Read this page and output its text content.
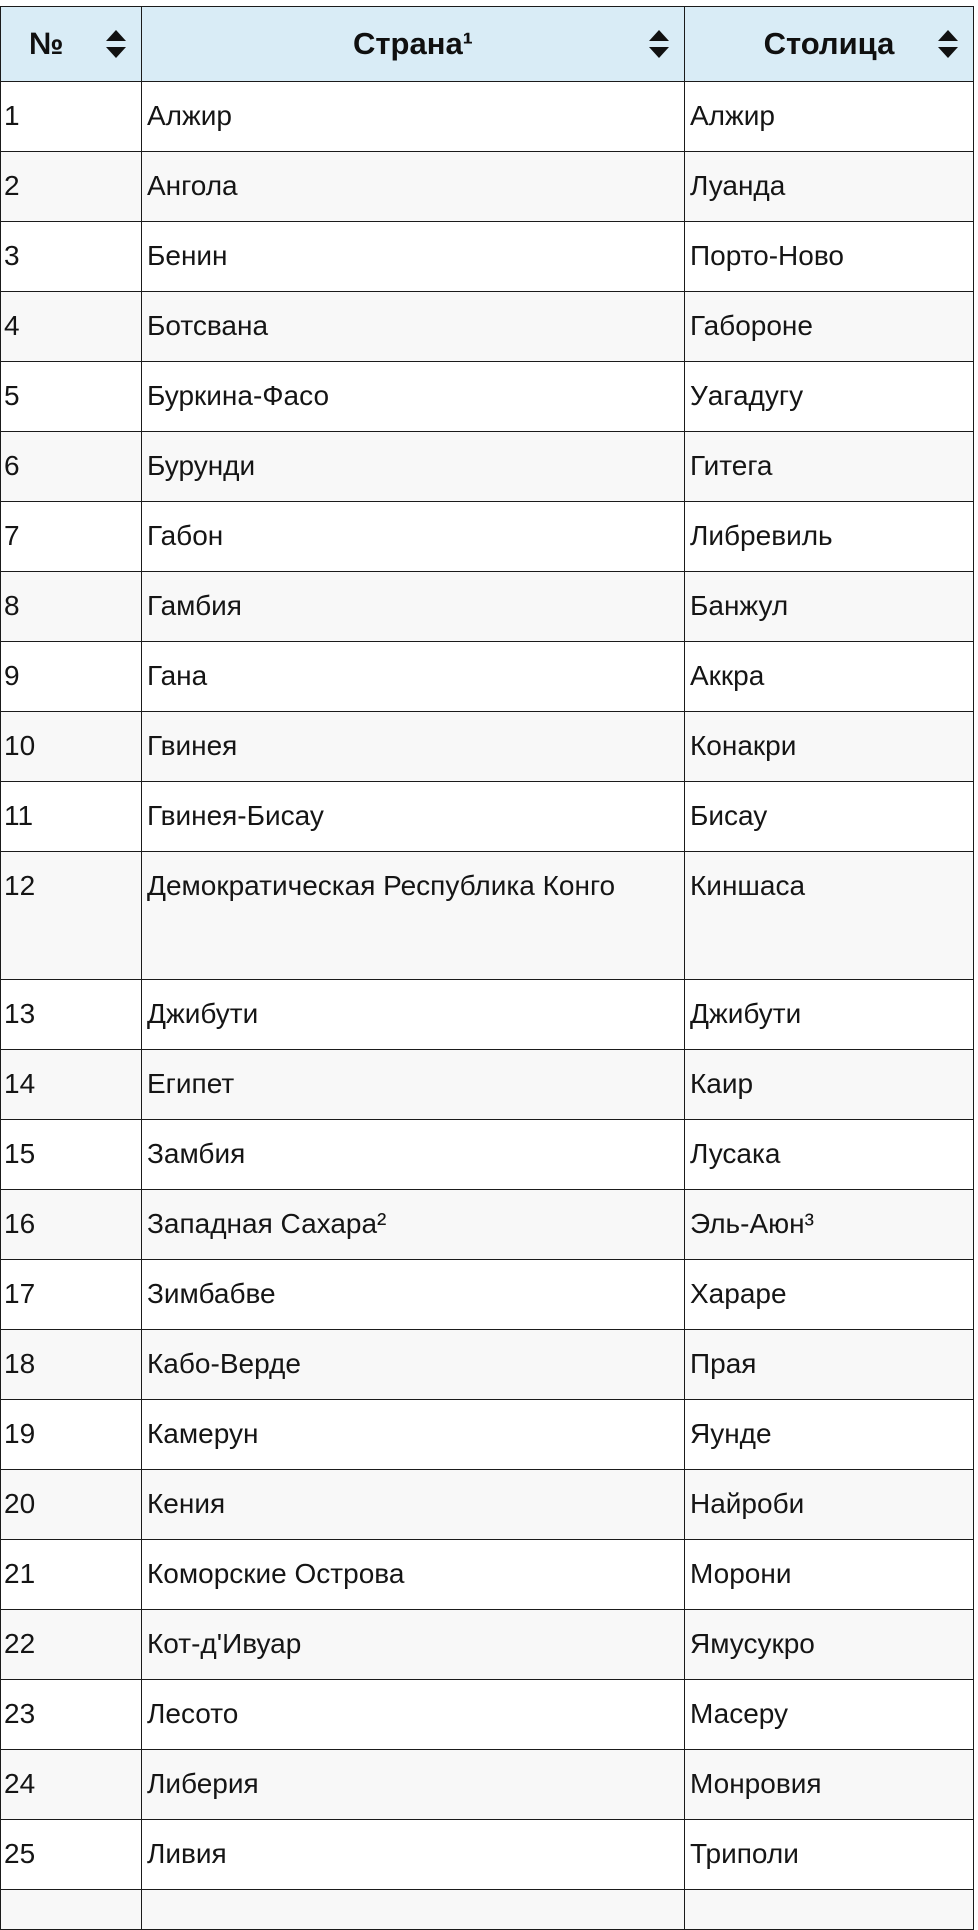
№	Страна¹	Столица

1	Алжир	Алжир
2	Ангола	Луанда
3	Бенин	Порто-Ново
4	Ботсвана	Габороне
5	Буркина-Фасо	Уагадугу
6	Бурунди	Гитега
7	Габон	Либревиль
8	Гамбия	Банжул
9	Гана	Аккра
10	Гвинея	Конакри
11	Гвинея-Бисау	Бисау
12	Демократическая Республика Конго	Киншаса
13	Джибути	Джибути
14	Египет	Каир
15	Замбия	Лусака
16	Западная Сахара²	Эль-Аюн³
17	Зимбабве	Хараре
18	Кабо-Верде	Прая
19	Камерун	Яунде
20	Кения	Найроби
21	Коморские Острова	Морони
22	Кот-д'Ивуар	Ямусукро
23	Лесото	Масеру
24	Либерия	Монровия
25	Ливия	Триполи
